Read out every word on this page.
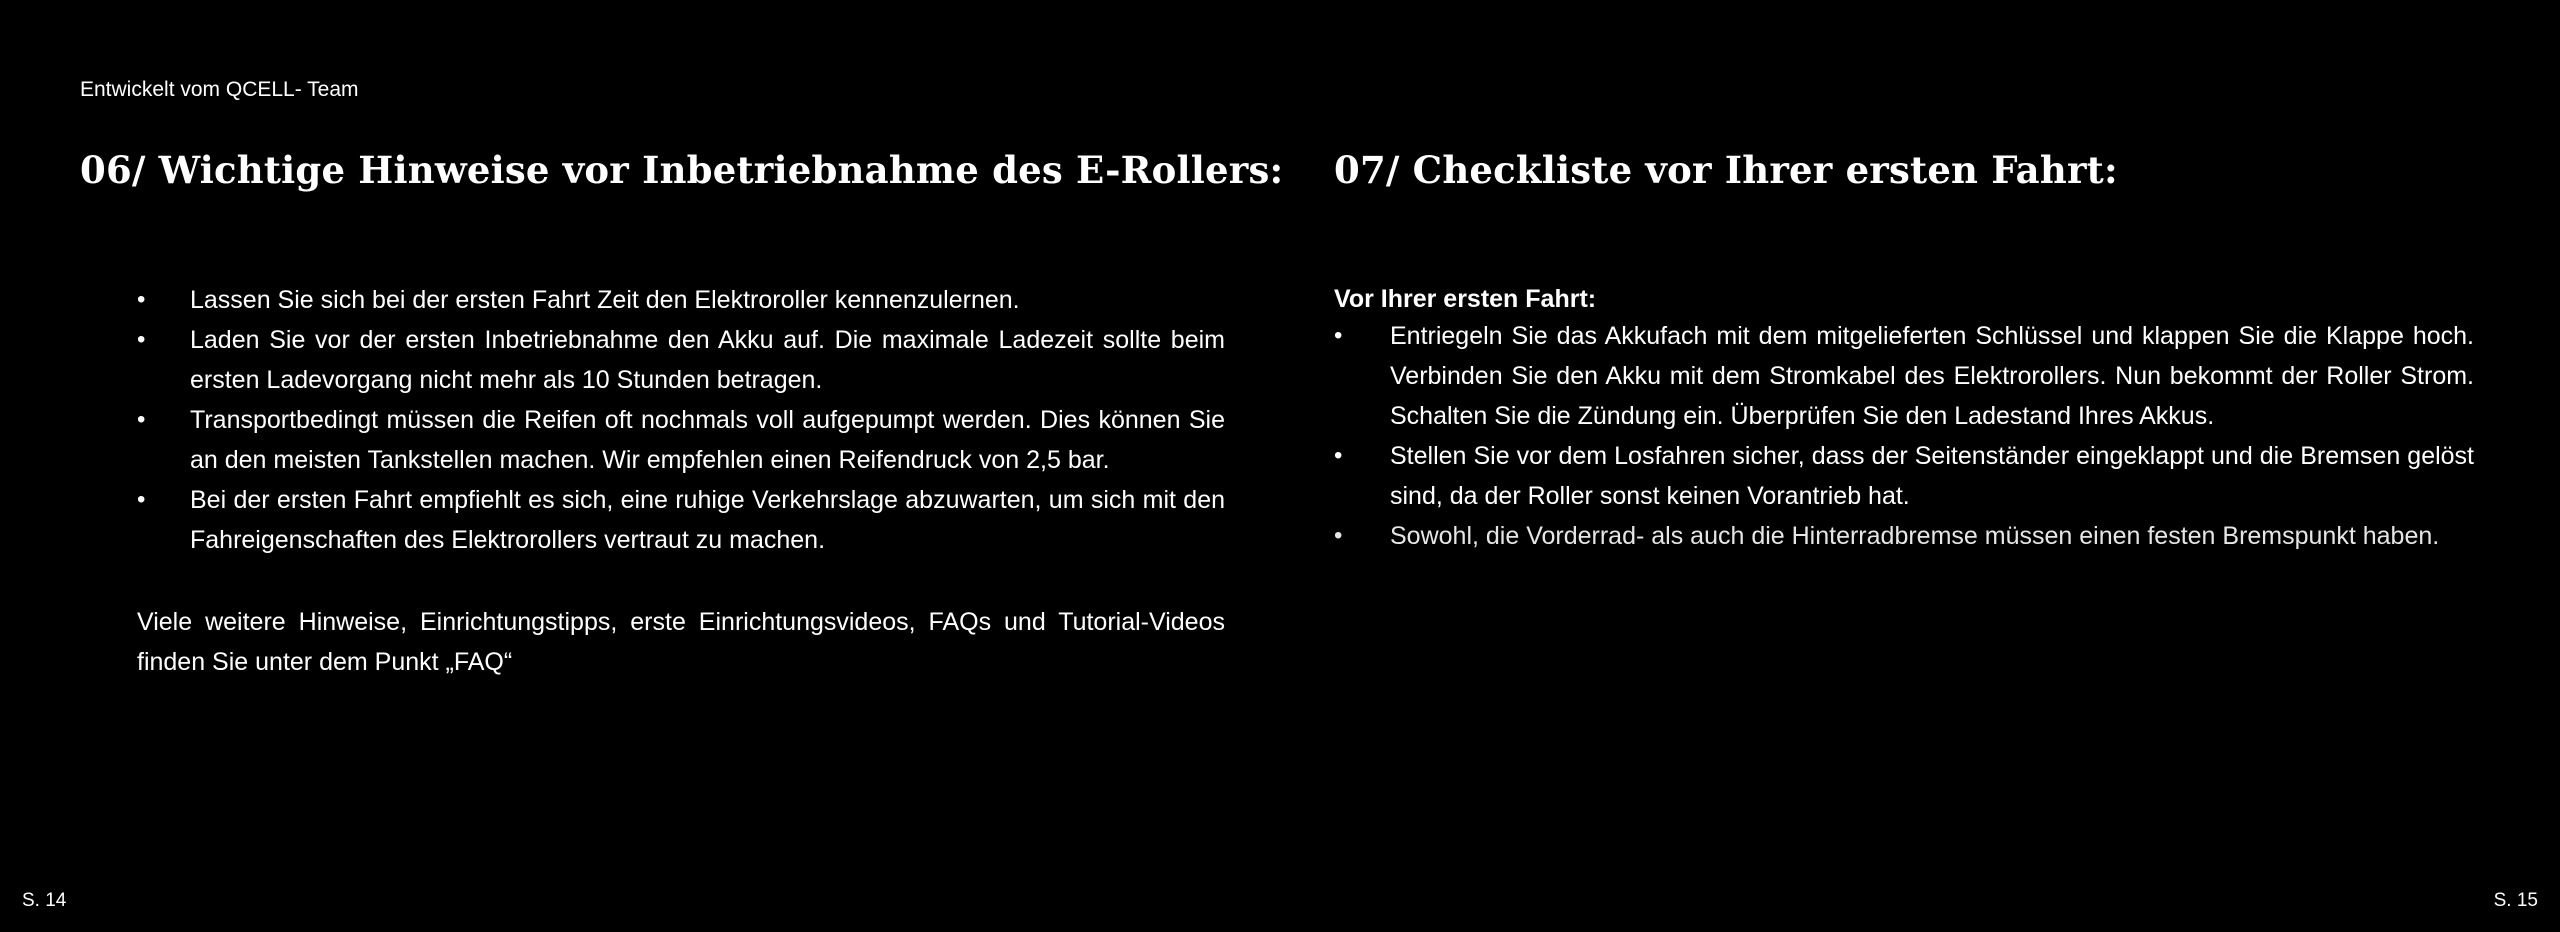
Entwickelt vom QCELL- Team
06/ Wichtige Hinweise vor Inbetriebnahme des E-Rollers:
• Lassen Sie sich bei der ersten Fahrt Zeit den Elektroroller kennenzulernen.
• Laden Sie vor der ersten Inbetriebnahme den Akku auf. Die maximale Ladezeit sollte beim ersten Ladevorgang nicht mehr als 10 Stunden betragen.
• Transportbedingt müssen die Reifen oft nochmals voll aufgepumpt werden. Dies können Sie an den meisten Tankstellen machen. Wir empfehlen einen Reifendruck von 2,5 bar.
• Bei der ersten Fahrt empfiehlt es sich, eine ruhige Verkehrslage abzuwarten, um sich mit den Fahreigenschaften des Elektrorollers vertraut zu machen.
Viele weitere Hinweise, Einrichtungstipps, erste Einrichtungsvideos, FAQs und Tutorial-Videos finden Sie unter dem Punkt „FAQ“
07/ Checkliste vor Ihrer ersten Fahrt:
Vor Ihrer ersten Fahrt:
• Entriegeln Sie das Akkufach mit dem mitgelieferten Schlüssel und klappen Sie die Klappe hoch. Verbinden Sie den Akku mit dem Stromkabel des Elektrorollers. Nun bekommt der Roller Strom. Schalten Sie die Zündung ein. Überprüfen Sie den Ladestand Ihres Akkus.
• Stellen Sie vor dem Losfahren sicher, dass der Seitenständer eingeklappt und die Bremsen gelöst sind, da der Roller sonst keinen Vorantrieb hat.
• Sowohl, die Vorderrad- als auch die Hinterradbremse müssen einen festen Bremspunkt haben.
S. 14	S. 15
